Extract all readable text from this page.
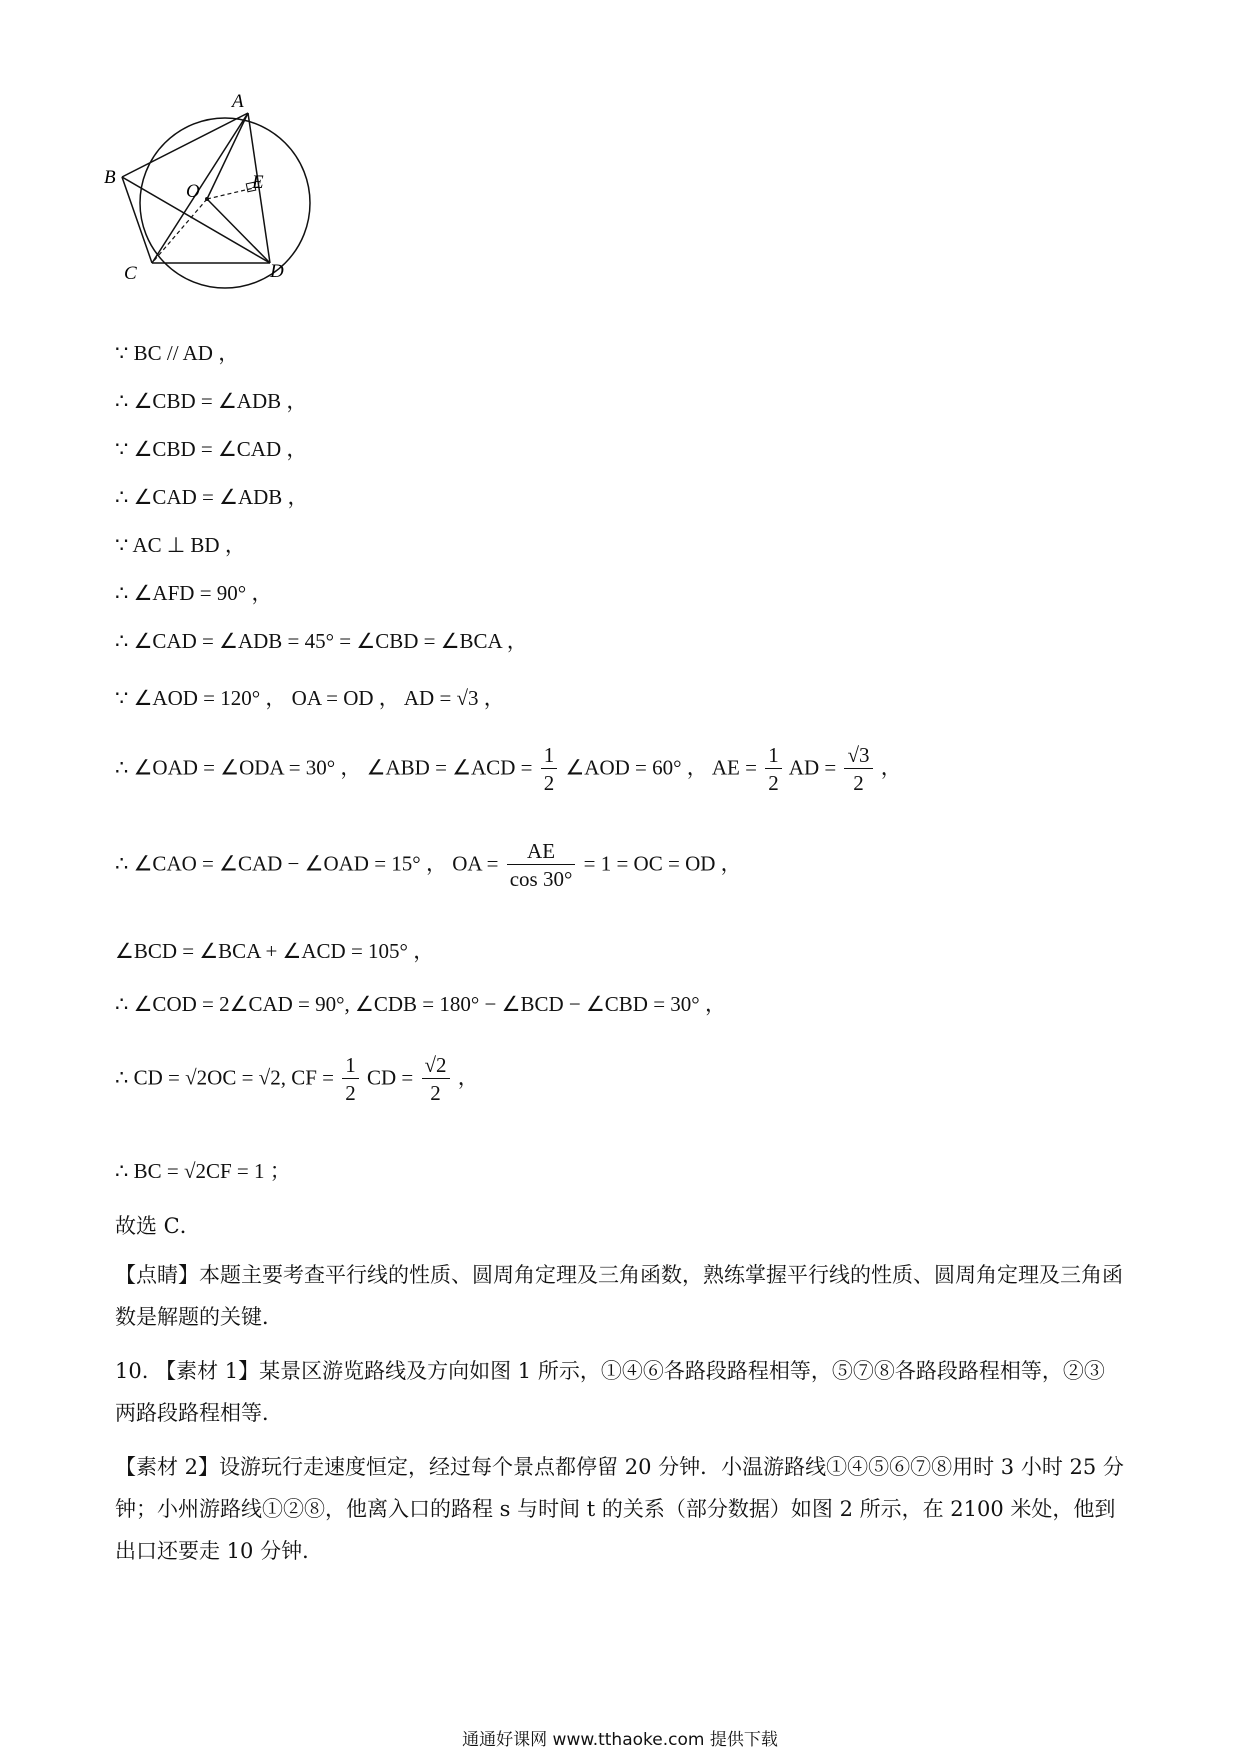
A
B
C	D
O	E
∵ BC // AD ，
∴ ∠CBD = ∠ADB ，
∵ ∠CBD = ∠CAD ，
∴ ∠CAD = ∠ADB ，
∵ AC ⊥ BD ，
∴ ∠AFD = 90° ，
∴ ∠CAD = ∠ADB = 45° = ∠CBD = ∠BCA ，
∵ ∠AOD = 120° ， OA = OD ， AD = √3 ，
∴ ∠OAD = ∠ODA = 30° ， ∠ABD = ∠ACD = $\frac{1}{2}$ ∠AOD = 60° ， AE = $\frac{1}{2}$ AD = $\frac{√3}{2}$ ，
∴ ∠CAO = ∠CAD − ∠OAD = 15° ， OA = $\frac{AE}{\cos 30^\circ} = 1$ = OC = OD ，
∠BCD = ∠BCA + ∠ACD = 105° ，
∴ ∠COD = 2∠CAD = 90°, ∠CDB = 180° − ∠BCD − ∠CBD = 30° ，
∴ CD = √2OC = √2, CF = $\frac{1}{2}$ CD = $\frac{√2}{2}$ ，
∴ BC = √2CF = 1 ；
故选 C．
【点睛】本题主要考查平行线的性质、圆周角定理及三角函数，熟练掌握平行线的性质、圆周角定理及三角函数是解题的关键．
10. 【素材 1】某景区游览路线及方向如图 1 所示，①④⑥各路段路程相等，⑤⑦⑧各路段路程相等，②③两路段路程相等．
【素材 2】设游玩行走速度恒定，经过每个景点都停留 20 分钟．小温游路线①④⑤⑥⑦⑧用时 3 小时 25 分钟；小州游路线①②⑧，他离入口的路程 s 与时间 t 的关系（部分数据）如图 2 所示，在 2100 米处，他到出口还要走 10 分钟．
通通好课网 www.tthaoke.com 提供下载
